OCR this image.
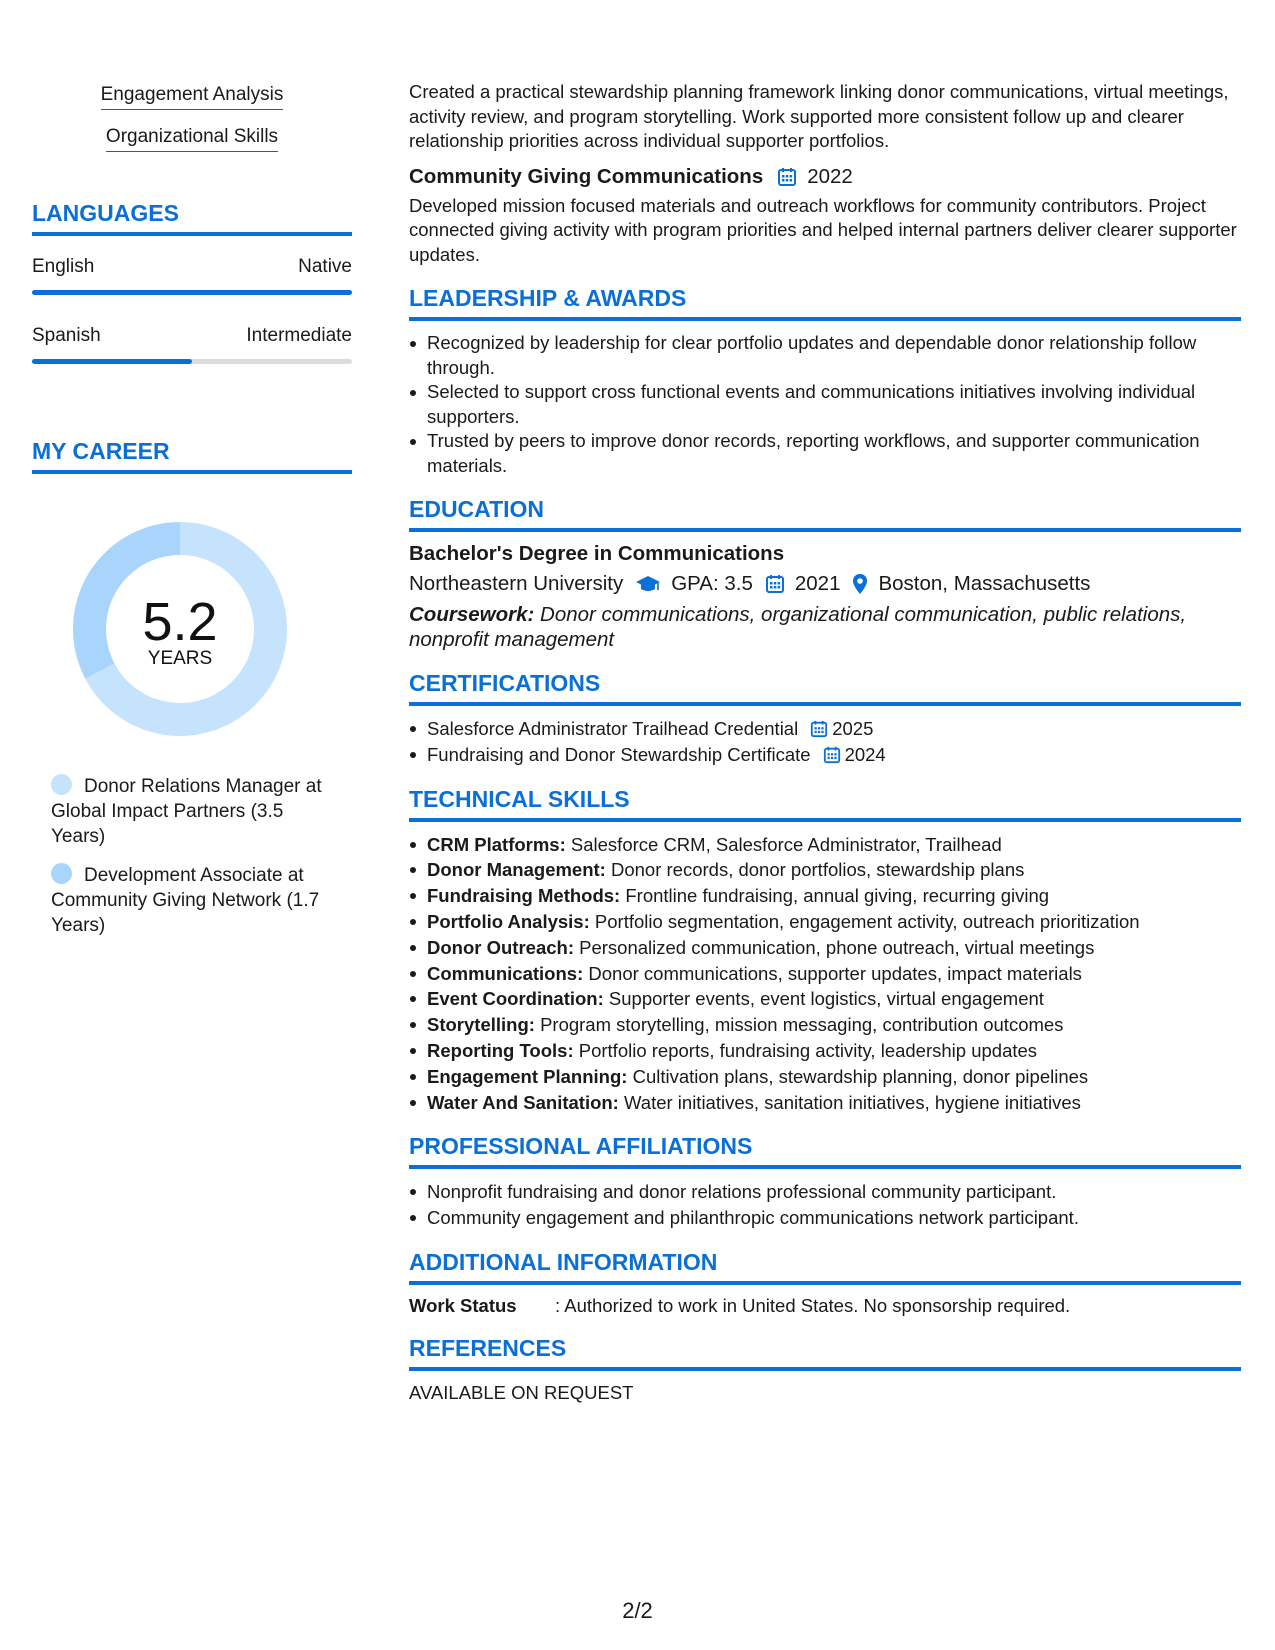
Engagement Analysis
Organizational Skills
LANGUAGES
English	Native
Spanish	Intermediate
MY CAREER
5.2
YEARS
Donor Relations Manager at Global Impact Partners (3.5 Years)
Development Associate at Community Giving Network (1.7 Years)
Created a practical stewardship planning framework linking donor communications, virtual meetings, activity review, and program storytelling. Work supported more consistent follow up and clearer relationship priorities across individual supporter portfolios.
Community Giving Communications 2022
Developed mission focused materials and outreach workflows for community contributors. Project connected giving activity with program priorities and helped internal partners deliver clearer supporter updates.
LEADERSHIP & AWARDS
Recognized by leadership for clear portfolio updates and dependable donor relationship follow through.
Selected to support cross functional events and communications initiatives involving individual supporters.
Trusted by peers to improve donor records, reporting workflows, and supporter communication materials.
EDUCATION
Bachelor's Degree in Communications
Northeastern University GPA: 3.5 2021 Boston, Massachusetts
Coursework: Donor communications, organizational communication, public relations, nonprofit management
CERTIFICATIONS
Salesforce Administrator Trailhead Credential 2025
Fundraising and Donor Stewardship Certificate 2024
TECHNICAL SKILLS
CRM Platforms: Salesforce CRM, Salesforce Administrator, Trailhead
Donor Management: Donor records, donor portfolios, stewardship plans
Fundraising Methods: Frontline fundraising, annual giving, recurring giving
Portfolio Analysis: Portfolio segmentation, engagement activity, outreach prioritization
Donor Outreach: Personalized communication, phone outreach, virtual meetings
Communications: Donor communications, supporter updates, impact materials
Event Coordination: Supporter events, event logistics, virtual engagement
Storytelling: Program storytelling, mission messaging, contribution outcomes
Reporting Tools: Portfolio reports, fundraising activity, leadership updates
Engagement Planning: Cultivation plans, stewardship planning, donor pipelines
Water And Sanitation: Water initiatives, sanitation initiatives, hygiene initiatives
PROFESSIONAL AFFILIATIONS
Nonprofit fundraising and donor relations professional community participant.
Community engagement and philanthropic communications network participant.
ADDITIONAL INFORMATION
Work Status	: Authorized to work in United States. No sponsorship required.
REFERENCES
AVAILABLE ON REQUEST
2/2
